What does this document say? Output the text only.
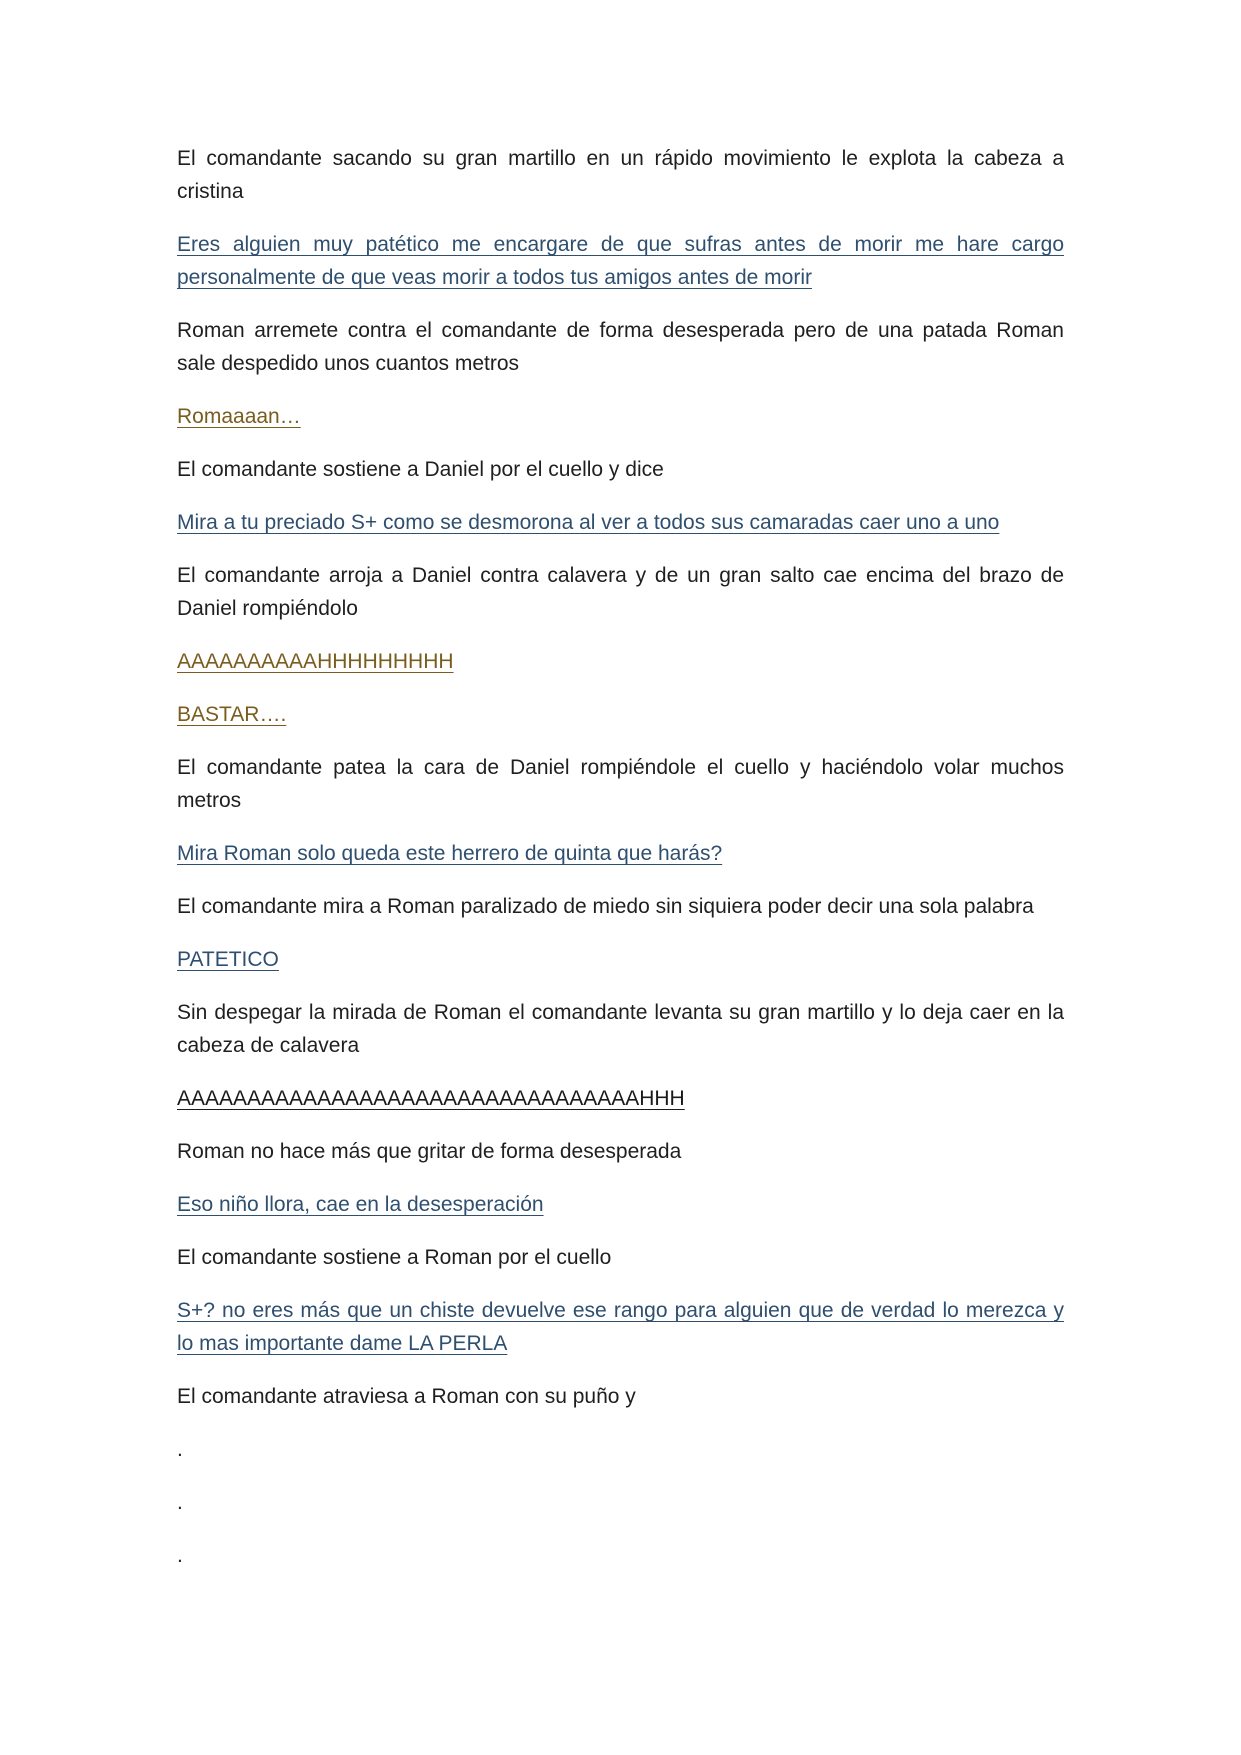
El comandante sacando su gran martillo en un rápido movimiento le explota la cabeza a cristina

Eres alguien muy patético me encargare de que sufras antes de morir me hare cargo personalmente de que veas morir a todos tus amigos antes de morir

Roman arremete contra el comandante de forma desesperada pero de una patada Roman sale despedido unos cuantos metros

Romaaaan…

El comandante sostiene a Daniel por el cuello y dice

Mira a tu preciado S+ como se desmorona al ver a todos sus camaradas caer uno a uno

El comandante arroja a Daniel contra calavera y de un gran salto cae encima del brazo de Daniel rompiéndolo

AAAAAAAAAAHHHHHHHHH

BASTAR….

El comandante patea la cara de Daniel rompiéndole el cuello y haciéndolo volar muchos metros

Mira Roman solo queda este herrero de quinta que harás?

El comandante mira a Roman paralizado de miedo sin siquiera poder decir una sola palabra

PATETICO

Sin despegar la mirada de Roman el comandante levanta su gran martillo y lo deja caer en la cabeza de calavera

AAAAAAAAAAAAAAAAAAAAAAAAAAAAAAAAAHHH

Roman no hace más que gritar de forma desesperada

Eso niño llora, cae en la desesperación

El comandante sostiene a Roman por el cuello

S+? no eres más que un chiste devuelve ese rango para alguien que de verdad lo merezca y lo mas importante dame LA PERLA

El comandante atraviesa a Roman con su puño y

.

.

.
